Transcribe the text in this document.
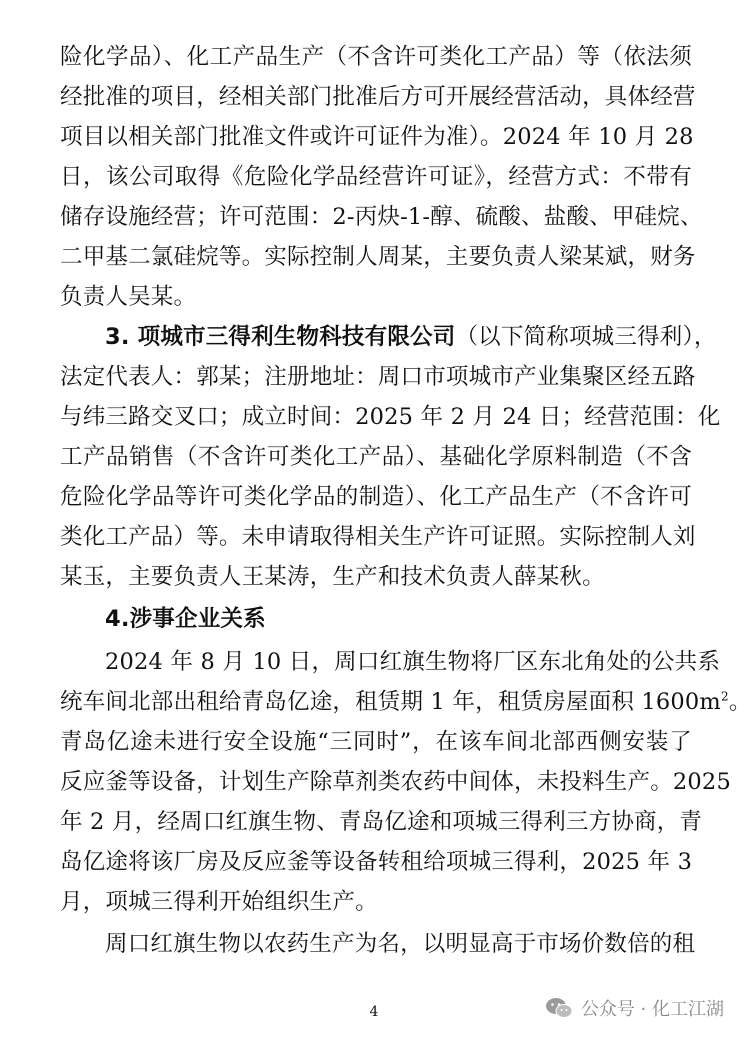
险化学品）、化工产品生产（不含许可类化工产品）等（依法须
经批准的项目，经相关部门批准后方可开展经营活动，具体经营
项目以相关部门批准文件或许可证件为准）。2024 年 10 月 28
日，该公司取得《危险化学品经营许可证》，经营方式：不带有
储存设施经营；许可范围：2-丙炔-1-醇、硫酸、盐酸、甲硅烷、
二甲基二氯硅烷等。实际控制人周某，主要负责人梁某斌，财务
负责人吴某。
3. 项城市三得利生物科技有限公司（以下简称项城三得利），
法定代表人：郭某；注册地址：周口市项城市产业集聚区经五路
与纬三路交叉口；成立时间：2025 年 2 月 24 日；经营范围：化
工产品销售（不含许可类化工产品）、基础化学原料制造（不含
危险化学品等许可类化学品的制造）、化工产品生产（不含许可
类化工产品）等。未申请取得相关生产许可证照。实际控制人刘
某玉，主要负责人王某涛，生产和技术负责人薛某秋。
4.涉事企业关系
2024 年 8 月 10 日，周口红旗生物将厂区东北角处的公共系
统车间北部出租给青岛亿途，租赁期 1 年，租赁房屋面积 $1600m^2$。
青岛亿途未进行安全设施“三同时”，在该车间北部西侧安装了
反应釜等设备，计划生产除草剂类农药中间体，未投料生产。2025
年 2 月，经周口红旗生物、青岛亿途和项城三得利三方协商，青
岛亿途将该厂房及反应釜等设备转租给项城三得利，2025 年 3
月，项城三得利开始组织生产。
周口红旗生物以农药生产为名，以明显高于市场价数倍的租
4	公众号 · 化工江湖
